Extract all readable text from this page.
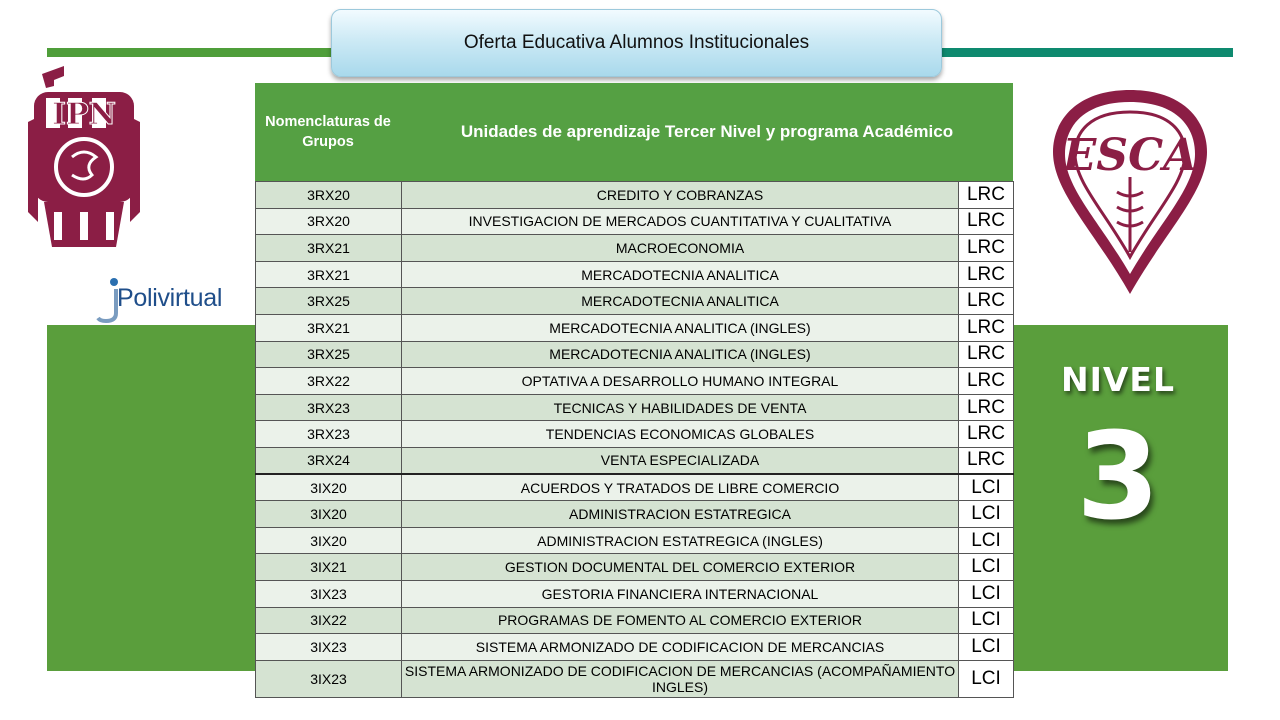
Oferta Educativa Alumnos Institucionales
IPN
Polivirtual
ESCA
NIVEL
3
Nomenclaturas de Grupos
Unidades de aprendizaje Tercer Nivel y programa Académico
3RX20	CREDITO Y COBRANZAS	LRC
3RX20	INVESTIGACION DE MERCADOS CUANTITATIVA Y CUALITATIVA	LRC
3RX21	MACROECONOMIA	LRC
3RX21	MERCADOTECNIA ANALITICA	LRC
3RX25	MERCADOTECNIA ANALITICA	LRC
3RX21	MERCADOTECNIA ANALITICA (INGLES)	LRC
3RX25	MERCADOTECNIA ANALITICA (INGLES)	LRC
3RX22	OPTATIVA A DESARROLLO HUMANO INTEGRAL	LRC
3RX23	TECNICAS Y HABILIDADES DE VENTA	LRC
3RX23	TENDENCIAS ECONOMICAS GLOBALES	LRC
3RX24	VENTA ESPECIALIZADA	LRC
3IX20	ACUERDOS Y TRATADOS DE LIBRE COMERCIO	LCI
3IX20	ADMINISTRACION ESTATREGICA	LCI
3IX20	ADMINISTRACION ESTATREGICA (INGLES)	LCI
3IX21	GESTION DOCUMENTAL DEL COMERCIO EXTERIOR	LCI
3IX23	GESTORIA FINANCIERA INTERNACIONAL	LCI
3IX22	PROGRAMAS DE FOMENTO AL COMERCIO EXTERIOR	LCI
3IX23	SISTEMA ARMONIZADO DE CODIFICACION DE MERCANCIAS	LCI
3IX23	SISTEMA ARMONIZADO DE CODIFICACION DE MERCANCIAS (ACOMPAÑAMIENTO INGLES)	LCI
